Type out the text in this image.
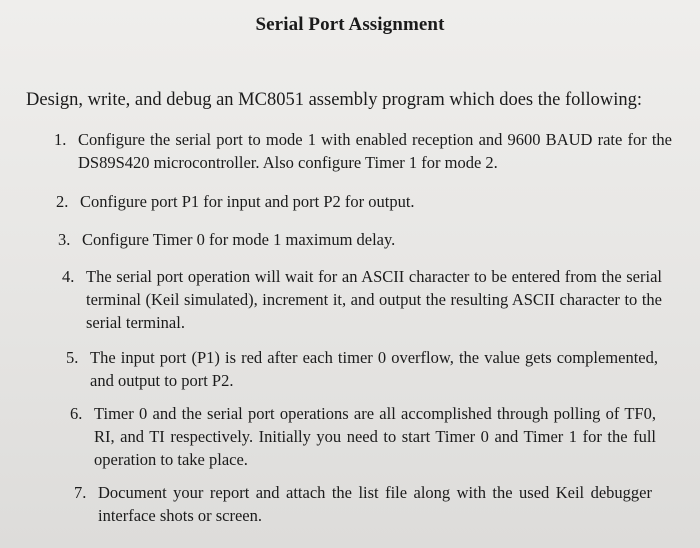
Serial Port Assignment
Design, write, and debug an MC8051 assembly program which does the following:
1. Configure the serial port to mode 1 with enabled reception and 9600 BAUD rate for the DS89S420 microcontroller. Also configure Timer 1 for mode 2.
2. Configure port P1 for input and port P2 for output.
3. Configure Timer 0 for mode 1 maximum delay.
4. The serial port operation will wait for an ASCII character to be entered from the serial terminal (Keil simulated), increment it, and output the resulting ASCII character to the serial terminal.
5. The input port (P1) is red after each timer 0 overflow, the value gets complemented, and output to port P2.
6. Timer 0 and the serial port operations are all accomplished through polling of TF0, RI, and TI respectively. Initially you need to start Timer 0 and Timer 1 for the full operation to take place.
7. Document your report and attach the list file along with the used Keil debugger interface shots or screen.
